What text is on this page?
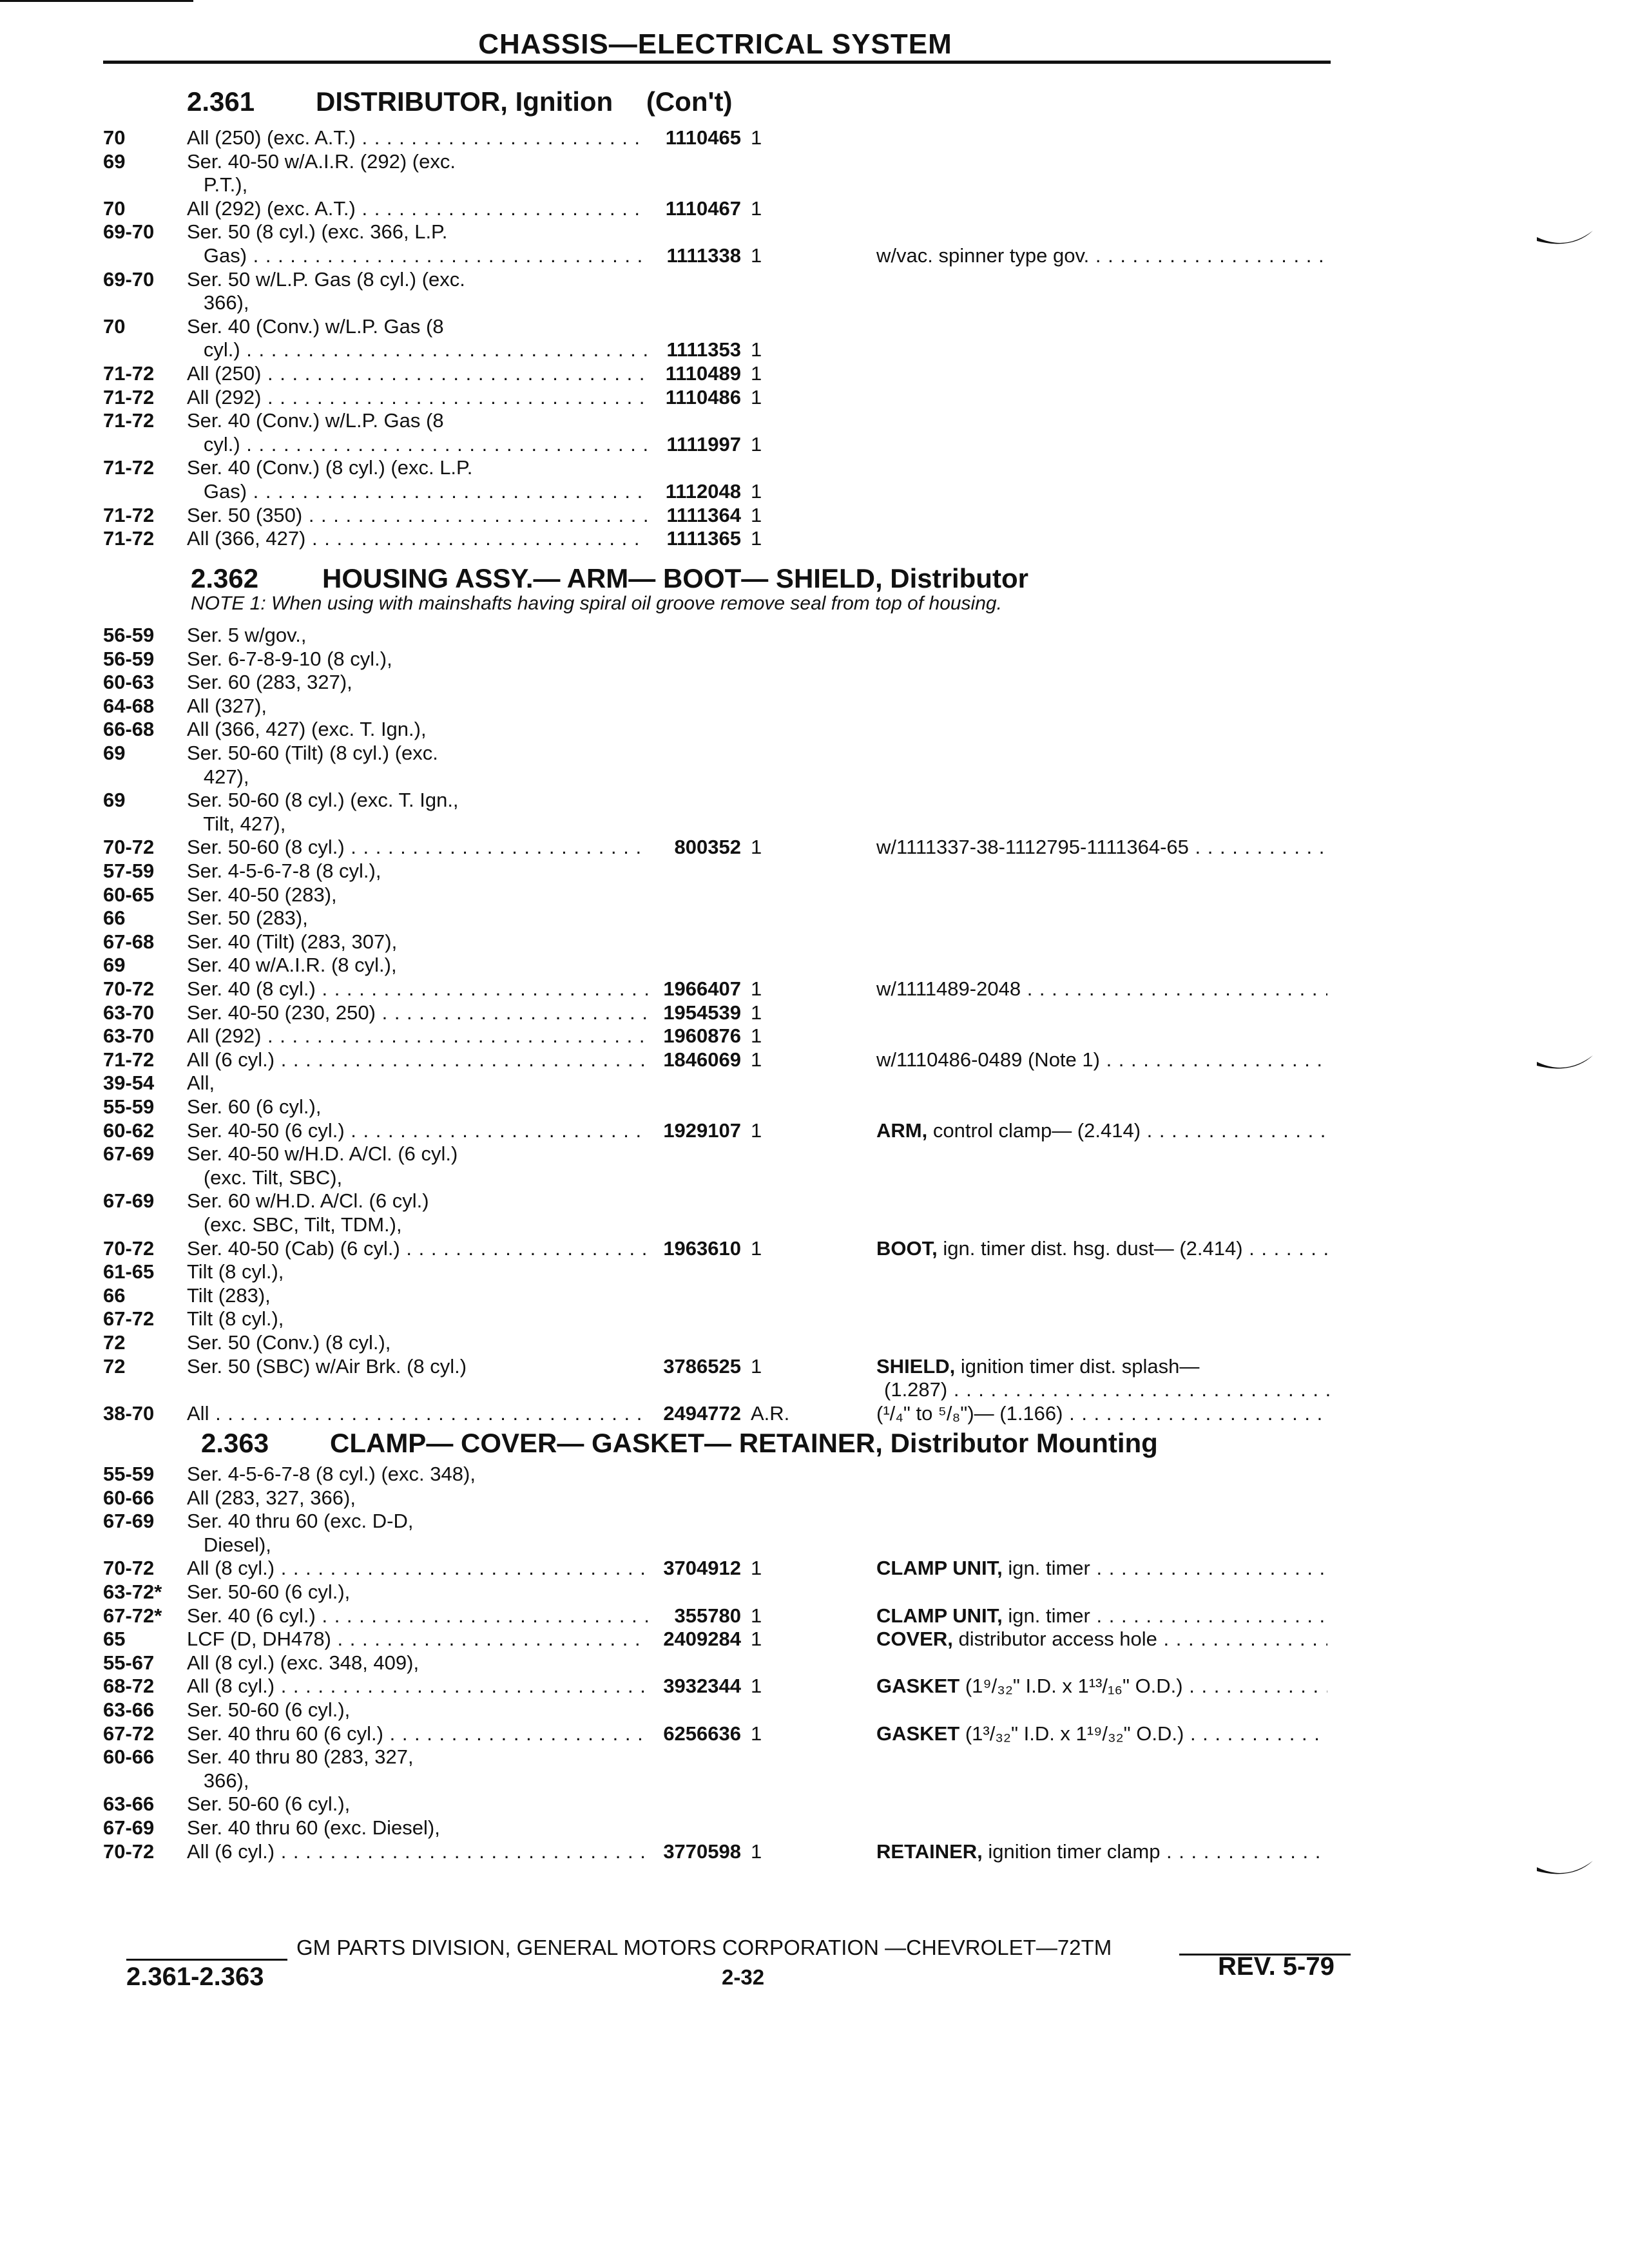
CHASSIS—ELECTRICAL SYSTEM
2.361 DISTRIBUTOR, Ignition (Con't)
2.362 HOUSING ASSY.— ARM— BOOT— SHIELD, Distributor
NOTE 1: When using with mainshafts having spiral oil groove remove seal from top of housing.
2.363 CLAMP— COVER— GASKET— RETAINER, Distributor Mounting
70	All (250) (exc. A.T.) . . .	1110465 1
69	Ser. 40-50 w/A.I.R. (292) (exc.
P.T.),
70	All (292) (exc. A.T.) . . .	1110467 1
69-70	Ser. 50 (8 cyl.) (exc. 366, L.P.
Gas) . . .	1111338 1	w/vac. spinner type gov. . . .
69-70	Ser. 50 w/L.P. Gas (8 cyl.) (exc.
366),
70	Ser. 40 (Conv.) w/L.P. Gas (8
cyl.) . . .	1111353 1
71-72	All (250) . . .	1110489 1
71-72	All (292) . . .	1110486 1
71-72	Ser. 40 (Conv.) w/L.P. Gas (8
cyl.) . . .	1111997 1
71-72	Ser. 40 (Conv.) (8 cyl.) (exc. L.P.
Gas) . . .	1112048 1
71-72	Ser. 50 (350) . . .	1111364 1
71-72	All (366, 427) . . .	1111365 1
56-59	Ser. 5 w/gov.,
56-59	Ser. 6-7-8-9-10 (8 cyl.),
60-63	Ser. 60 (283, 327),
64-68	All (327),
66-68	All (366, 427) (exc. T. Ign.),
69	Ser. 50-60 (Tilt) (8 cyl.) (exc.
427),
69	Ser. 50-60 (8 cyl.) (exc. T. Ign.,
Tilt, 427),
70-72	Ser. 50-60 (8 cyl.) . . .	800352 1	w/1111337-38-1112795-1111364-65 . . .
57-59	Ser. 4-5-6-7-8 (8 cyl.),
60-65	Ser. 40-50 (283),
66	Ser. 50 (283),
67-68	Ser. 40 (Tilt) (283, 307),
69	Ser. 40 w/A.I.R. (8 cyl.),
70-72	Ser. 40 (8 cyl.) . . .	1966407 1	w/1111489-2048 . . .
63-70	Ser. 40-50 (230, 250) . . .	1954539 1
63-70	All (292) . . .	1960876 1
71-72	All (6 cyl.) . . .	1846069 1	w/1110486-0489 (Note 1) . . .
39-54	All,
55-59	Ser. 60 (6 cyl.),
60-62	Ser. 40-50 (6 cyl.) . . .	1929107 1	ARM, control clamp— (2.414) . . .
67-69	Ser. 40-50 w/H.D. A/Cl. (6 cyl.)
(exc. Tilt, SBC),
67-69	Ser. 60 w/H.D. A/Cl. (6 cyl.)
(exc. SBC, Tilt, TDM.),
70-72	Ser. 40-50 (Cab) (6 cyl.) . . .	1963610 1	BOOT, ign. timer dist. hsg. dust— (2.414) . . .
61-65	Tilt (8 cyl.),
66	Tilt (283),
67-72	Tilt (8 cyl.),
72	Ser. 50 (Conv.) (8 cyl.),
72	Ser. 50 (SBC) w/Air Brk. (8 cyl.)	3786525 1	SHIELD, ignition timer dist. splash—
(1.287) . . .
38-70	All . . .	2494772 A.R.	(¹/₄" to ⁵/₈")— (1.166) . . .
55-59	Ser. 4-5-6-7-8 (8 cyl.) (exc. 348),
60-66	All (283, 327, 366),
67-69	Ser. 40 thru 60 (exc. D-D,
Diesel),
70-72	All (8 cyl.) . . .	3704912 1	CLAMP UNIT, ign. timer . . .
63-72*	Ser. 50-60 (6 cyl.),
67-72*	Ser. 40 (6 cyl.) . . .	355780 1	CLAMP UNIT, ign. timer . . .
65	LCF (D, DH478) . . .	2409284 1	COVER, distributor access hole . . .
55-67	All (8 cyl.) (exc. 348, 409),
68-72	All (8 cyl.) . . .	3932344 1	GASKET (1⁹/₃₂" I.D. x 1¹³/₁₆" O.D.) . . .
63-66	Ser. 50-60 (6 cyl.),
67-72	Ser. 40 thru 60 (6 cyl.) . . .	6256636 1	GASKET (1³/₃₂" I.D. x 1¹⁹/₃₂" O.D.) . . .
60-66	Ser. 40 thru 80 (283, 327,
366),
63-66	Ser. 50-60 (6 cyl.),
67-69	Ser. 40 thru 60 (exc. Diesel),
70-72	All (6 cyl.) . . .	3770598 1	RETAINER, ignition timer clamp . . .
GM PARTS DIVISION, GENERAL MOTORS CORPORATION —CHEVROLET—72TM
2.361-2.363	2-32	REV. 5-79
